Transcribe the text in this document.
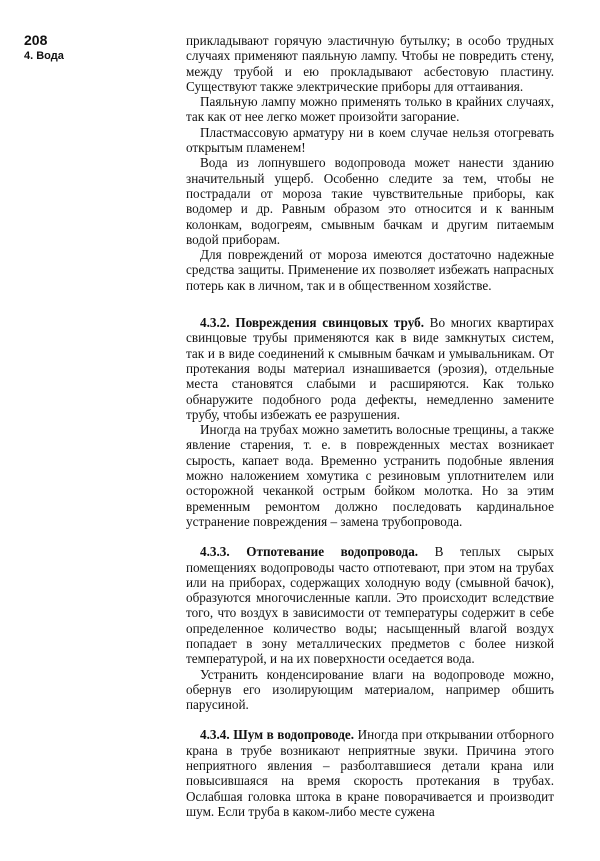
208
4. Вода

прикладывают горячую эластичную бутылку; в особо трудных случаях применяют паяльную лампу. Чтобы не повредить стену, между трубой и ею прокладывают асбестовую пластину. Существуют также электрические приборы для оттаивания.

Паяльную лампу можно применять только в крайних случаях, так как от нее легко может произойти загорание.

Пластмассовую арматуру ни в коем случае нельзя отогревать открытым пламенем!

Вода из лопнувшего водопровода может нанести зданию значительный ущерб. Особенно следите за тем, чтобы не пострадали от мороза такие чувствительные приборы, как водомер и др. Равным образом это относится и к ванным колонкам, водогреям, смывным бачкам и другим питаемым водой приборам.

Для повреждений от мороза имеются достаточно надежные средства защиты. Применение их позволяет избежать напрасных потерь как в личном, так и в общественном хозяйстве.

4.3.2. Повреждения свинцовых труб. Во многих квартирах свинцовые трубы применяются как в виде замкнутых систем, так и в виде соединений к смывным бачкам и умывальникам. От протекания воды материал изнашивается (эрозия), отдельные места становятся слабыми и расширяются. Как только обнаружите подобного рода дефекты, немедленно замените трубу, чтобы избежать ее разрушения.

Иногда на трубах можно заметить волосные трещины, а также явление старения, т. е. в поврежденных местах возникает сырость, капает вода. Временно устранить подобные явления можно наложением хомутика с резиновым уплотнителем или осторожной чеканкой острым бойком молотка. Но за этим временным ремонтом должно последовать кардинальное устранение повреждения – замена трубопровода.

4.3.3. Отпотевание водопровода. В теплых сырых помещениях водопроводы часто отпотевают, при этом на трубах или на приборах, содержащих холодную воду (смывной бачок), образуются многочисленные капли. Это происходит вследствие того, что воздух в зависимости от температуры содержит в себе определенное количество воды; насыщенный влагой воздух попадает в зону металлических предметов с более низкой температурой, и на их поверхности оседается вода.

Устранить конденсирование влаги на водопроводе можно, обернув его изолирующим материалом, например обшить парусиной.

4.3.4. Шум в водопроводе. Иногда при открывании отборного крана в трубе возникают неприятные звуки. Причина этого неприятного явления – разболтавшиеся детали крана или повысившаяся на время скорость протекания в трубах. Ослабшая головка штока в кране поворачивается и производит шум. Если труба в каком-либо месте сужена
